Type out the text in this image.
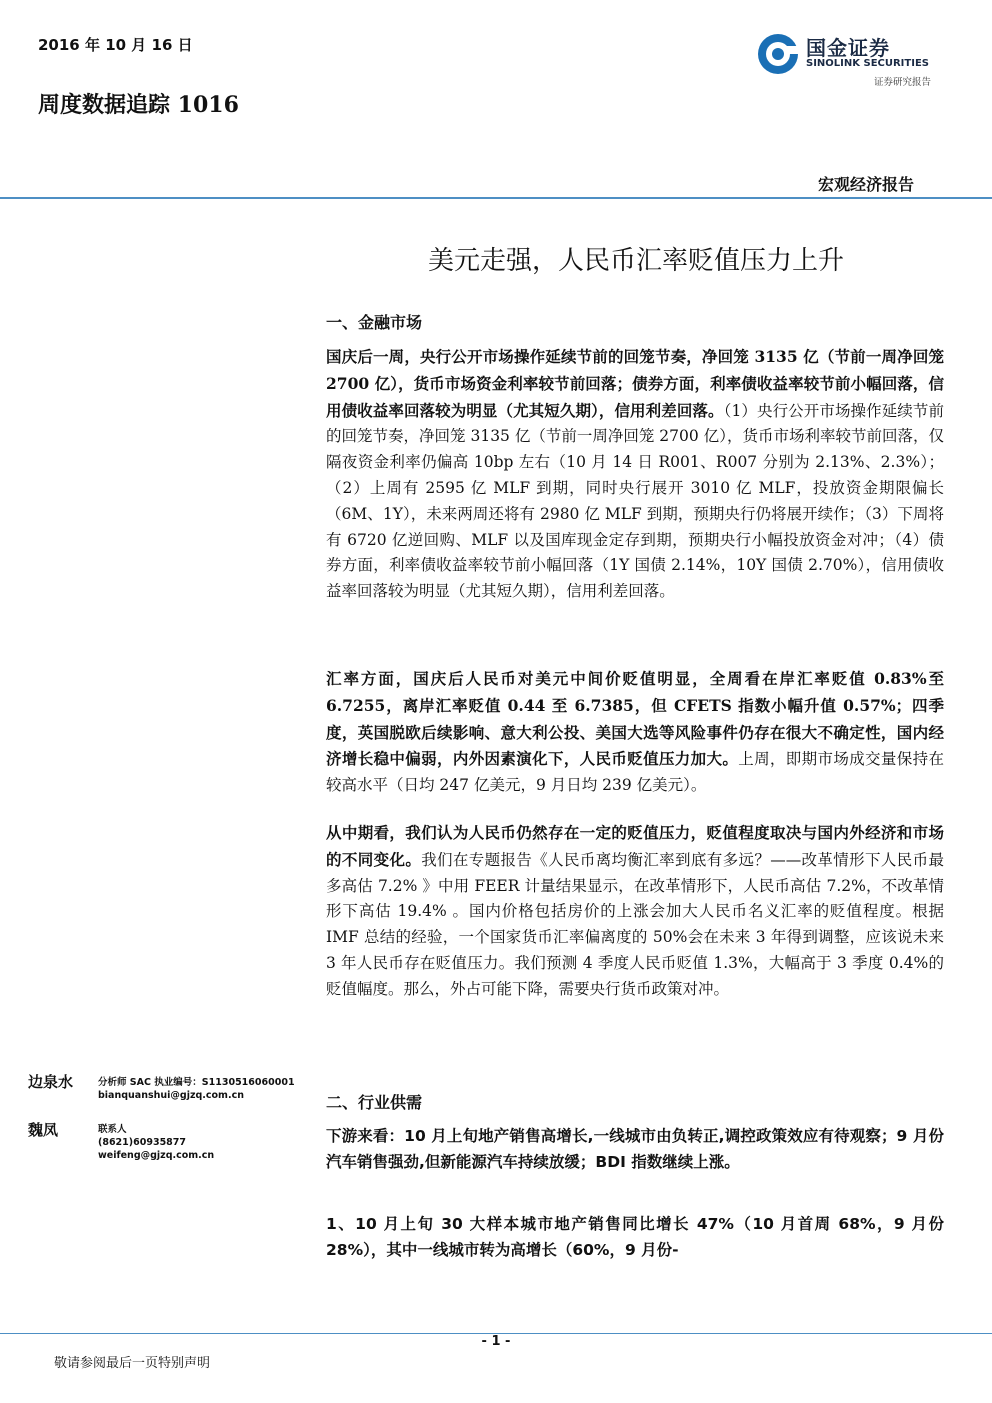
2016 年 10 月 16 日
周度数据追踪 1016
国金证券
SINOLINK SECURITIES
证券研究报告
宏观经济报告
美元走强，人民币汇率贬值压力上升
一、金融市场

国庆后一周，央行公开市场操作延续节前的回笼节奏，净回笼 3135 亿（节前一周净回笼 2700 亿），货币市场资金利率较节前回落；债券方面，利率债收益率较节前小幅回落，信用债收益率回落较为明显（尤其短久期），信用利差回落。（1）央行公开市场操作延续节前的回笼节奏，净回笼 3135 亿（节前一周净回笼 2700 亿），货币市场利率较节前回落，仅隔夜资金利率仍偏高 10bp 左右（10 月 14 日 R001、R007 分别为 2.13%、2.3%）；（2）上周有 2595 亿 MLF 到期，同时央行展开 3010 亿 MLF，投放资金期限偏长（6M、1Y），未来两周还将有 2980 亿 MLF 到期，预期央行仍将展开续作；（3）下周将有 6720 亿逆回购、MLF 以及国库现金定存到期，预期央行小幅投放资金对冲；（4）债券方面，利率债收益率较节前小幅回落（1Y 国债 2.14%，10Y 国债 2.70%），信用债收益率回落较为明显（尤其短久期），信用利差回落。

汇率方面，国庆后人民币对美元中间价贬值明显，全周看在岸汇率贬值 0.83%至 6.7255，离岸汇率贬值 0.44 至 6.7385，但 CFETS 指数小幅升值 0.57%；四季度，英国脱欧后续影响、意大利公投、美国大选等风险事件仍存在很大不确定性，国内经济增长稳中偏弱，内外因素演化下，人民币贬值压力加大。上周，即期市场成交量保持在较高水平（日均 247 亿美元，9 月日均 239 亿美元）。

从中期看，我们认为人民币仍然存在一定的贬值压力，贬值程度取决与国内外经济和市场的不同变化。我们在专题报告《人民币离均衡汇率到底有多远？——改革情形下人民币最多高估 7.2% 》中用 FEER 计量结果显示，在改革情形下，人民币高估 7.2%，不改革情形下高估 19.4% 。国内价格包括房价的上涨会加大人民币名义汇率的贬值程度。根据 IMF 总结的经验，一个国家货币汇率偏离度的 50%会在未来 3 年得到调整，应该说未来 3 年人民币存在贬值压力。我们预测 4 季度人民币贬值 1.3%，大幅高于 3 季度 0.4%的贬值幅度。那么，外占可能下降，需要央行货币政策对冲。

二、行业供需

下游来看：10 月上旬地产销售高增长,一线城市由负转正,调控政策效应有待观察；9 月份汽车销售强劲,但新能源汽车持续放缓；BDI 指数继续上涨。

1、10 月上旬 30 大样本城市地产销售同比增长 47%（10 月首周 68%，9 月份 28%），其中一线城市转为高增长（60%，9 月份-

边泉水	分析师 SAC 执业编号：S1130516060001
bianquanshui@gjzq.com.cn
魏凤	联系人
(8621)60935877
weifeng@gjzq.com.cn
- 1 -
敬请参阅最后一页特别声明
